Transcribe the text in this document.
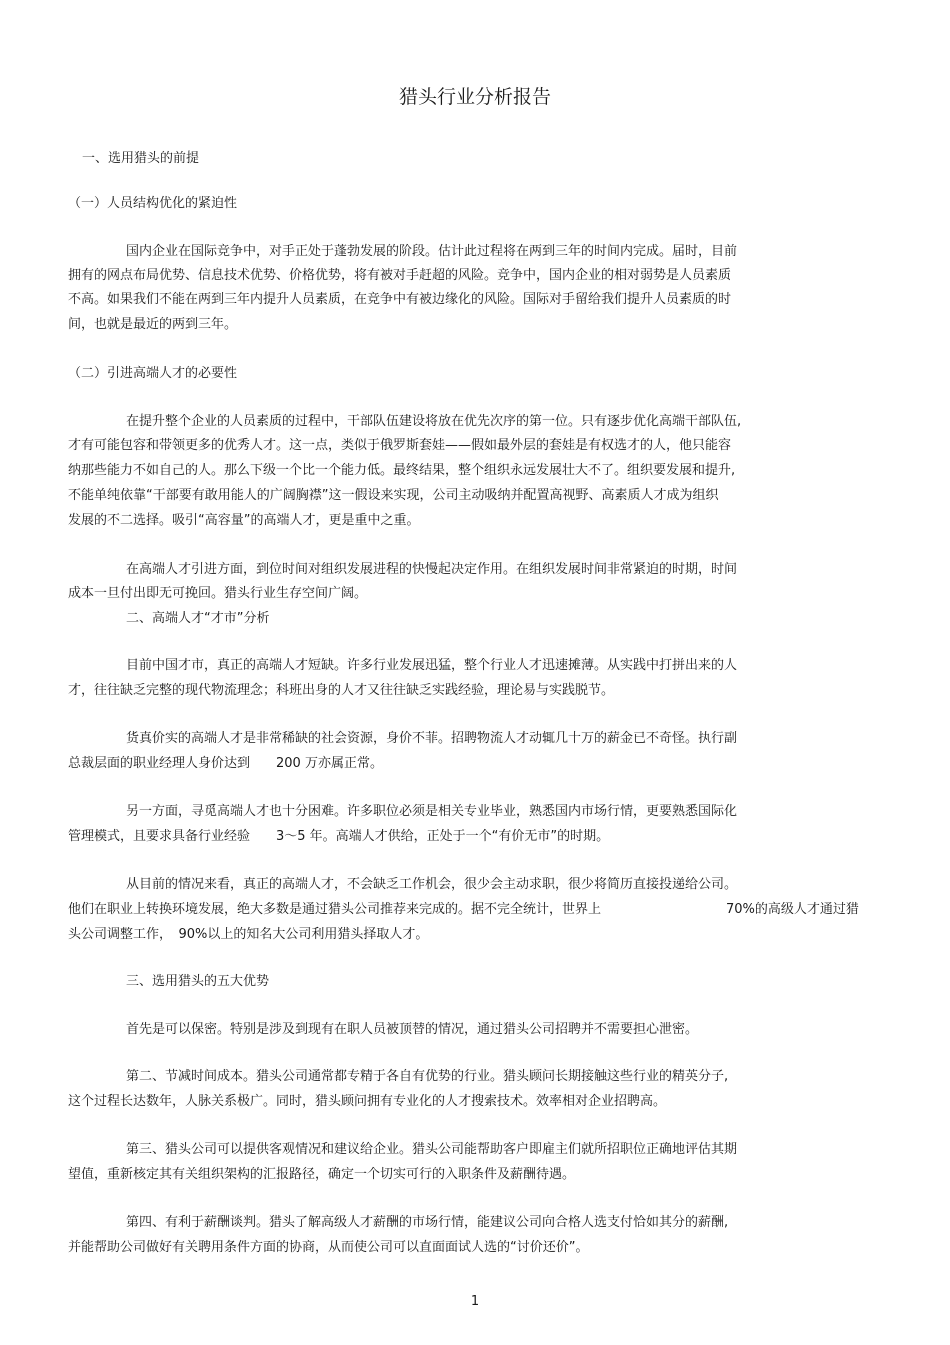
猎头行业分析报告
一、选用猎头的前提
（一）人员结构优化的紧迫性
国内企业在国际竞争中，对手正处于蓬勃发展的阶段。估计此过程将在两到三年的时间内完成。届时，目前
拥有的网点布局优势、信息技术优势、价格优势，将有被对手赶超的风险。竞争中，国内企业的相对弱势是人员素质
不高。如果我们不能在两到三年内提升人员素质，在竞争中有被边缘化的风险。国际对手留给我们提升人员素质的时
间，也就是最近的两到三年。
（二）引进高端人才的必要性
在提升整个企业的人员素质的过程中，干部队伍建设将放在优先次序的第一位。只有逐步优化高端干部队伍,
才有可能包容和带领更多的优秀人才。这一点，类似于俄罗斯套娃——假如最外层的套娃是有权选才的人，他只能容
纳那些能力不如自己的人。那么下级一个比一个能力低。最终结果，整个组织永远发展壮大不了。组织要发展和提升,
不能单纯依靠“干部要有敢用能人的广阔胸襟”这一假设来实现，公司主动吸纳并配置高视野、高素质人才成为组织
发展的不二选择。吸引“高容量”的高端人才，更是重中之重。
在高端人才引进方面，到位时间对组织发展进程的快慢起决定作用。在组织发展时间非常紧迫的时期，时间
成本一旦付出即无可挽回。猎头行业生存空间广阔。
二、高端人才“才市”分析
目前中国才市，真正的高端人才短缺。许多行业发展迅猛，整个行业人才迅速摊薄。从实践中打拼出来的人
才，往往缺乏完整的现代物流理念；科班出身的人才又往往缺乏实践经验，理论易与实践脱节。
货真价实的高端人才是非常稀缺的社会资源，身价不菲。招聘物流人才动辄几十万的薪金已不奇怪。执行副
总裁层面的职业经理人身价达到　　200 万亦属正常。
另一方面，寻觅高端人才也十分困难。许多职位必须是相关专业毕业，熟悉国内市场行情，更要熟悉国际化
管理模式，且要求具备行业经验　　3～5 年。高端人才供给，正处于一个“有价无市”的时期。
从目前的情况来看，真正的高端人才，不会缺乏工作机会，很少会主动求职，很少将简历直接投递给公司。
他们在职业上转换环境发展，绝大多数是通过猎头公司推荐来完成的。据不完全统计，世界上	70%的高级人才通过猎
头公司调整工作，　90%以上的知名大公司利用猎头择取人才。
三、选用猎头的五大优势
首先是可以保密。特别是涉及到现有在职人员被顶替的情况，通过猎头公司招聘并不需要担心泄密。
第二、节减时间成本。猎头公司通常都专精于各自有优势的行业。猎头顾问长期接触这些行业的精英分子,
这个过程长达数年，人脉关系极广。同时，猎头顾问拥有专业化的人才搜索技术。效率相对企业招聘高。
第三、猎头公司可以提供客观情况和建议给企业。猎头公司能帮助客户即雇主们就所招职位正确地评估其期
望值，重新核定其有关组织架构的汇报路径，确定一个切实可行的入职条件及薪酬待遇。
第四、有利于薪酬谈判。猎头了解高级人才薪酬的市场行情，能建议公司向合格人选支付恰如其分的薪酬,
并能帮助公司做好有关聘用条件方面的协商，从而使公司可以直面面试人选的“讨价还价”。
1
